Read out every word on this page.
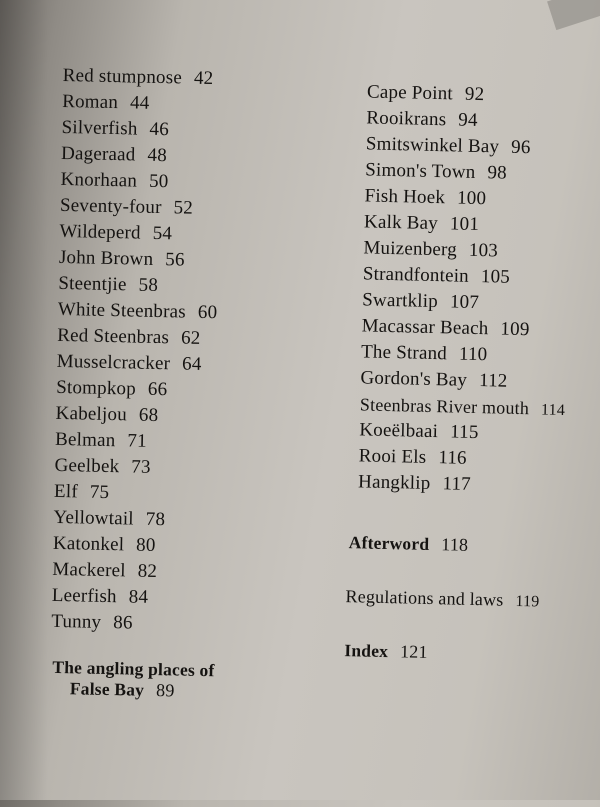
Red stumpnose 42
Roman 44
Silverfish 46
Dageraad 48
Knorhaan 50
Seventy-four 52
Wildeperd 54
John Brown 56
Steentjie 58
White Steenbras 60
Red Steenbras 62
Musselcracker 64
Stompkop 66
Kabeljou 68
Belman 71
Geelbek 73
Elf 75
Yellowtail 78
Katonkel 80
Mackerel 82
Leerfish 84
Tunny 86
The angling places of
False Bay 89
Cape Point 92
Rooikrans 94
Smitswinkel Bay 96
Simon's Town 98
Fish Hoek 100
Kalk Bay 101
Muizenberg 103
Strandfontein 105
Swartklip 107
Macassar Beach 109
The Strand 110
Gordon's Bay 112
Steenbras River mouth 114
Koeëlbaai 115
Rooi Els 116
Hangklip 117
Afterword 118
Regulations and laws 119
Index 121
